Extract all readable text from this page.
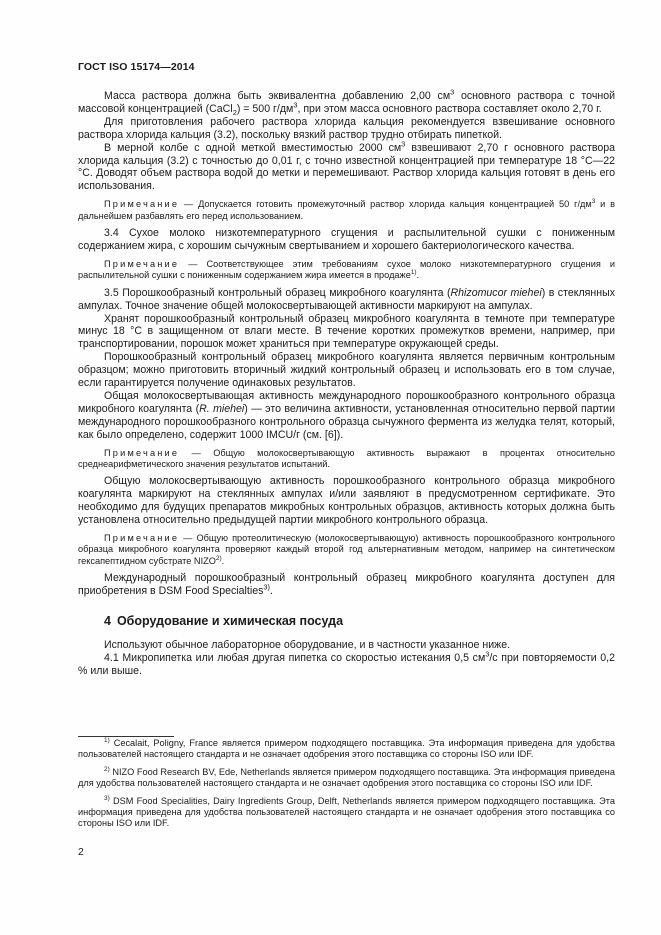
ГОСТ ISO 15174—2014

Масса раствора должна быть эквивалентна добавлению 2,00 $см^3$ основного раствора с точной массовой концентрацией (CaCl$_2$) = 500 $г/дм^3$, при этом масса основного раствора составляет около 2,70 г.

Для приготовления рабочего раствора хлорида кальция рекомендуется взвешивание основного раствора хлорида кальция (3.2), поскольку вязкий раствор трудно отбирать пипеткой.

В мерной колбе с одной меткой вместимостью 2000 $см^3$ взвешивают 2,70 г основного раствора хлорида кальция (3.2) с точностью до 0,01 г, с точно известной концентрацией при температуре 18 °С—22 °С. Доводят объем раствора водой до метки и перемешивают. Раствор хлорида кальция готовят в день его использования.

Примечание — Допускается готовить промежуточный раствор хлорида кальция концентрацией 50 $г/дм^3$ и в дальнейшем разбавлять его перед использованием.

3.4 Сухое молоко низкотемпературного сгущения и распылительной сушки с пониженным содержанием жира, с хорошим сычужным свертыванием и хорошего бактериологического качества.

Примечание — Соответствующее этим требованиям сухое молоко низкотемпературного сгущения и распылительной сушки с пониженным содержанием жира имеется в продаже$^{1)}$.

3.5 Порошкообразный контрольный образец микробного коагулянта (Rhizomucor miehei) в стеклянных ампулах. Точное значение общей молокосвертывающей активности маркируют на ампулах.

Хранят порошкообразный контрольный образец микробного коагулянта в темноте при температуре минус 18 °С в защищенном от влаги месте. В течение коротких промежутков времени, например, при транспортировании, порошок может храниться при температуре окружающей среды.

Порошкообразный контрольный образец микробного коагулянта является первичным контрольным образцом; можно приготовить вторичный жидкий контрольный образец и использовать его в том случае, если гарантируется получение одинаковых результатов.

Общая молокосвертывающая активность международного порошкообразного контрольного образца микробного коагулянта (R. miehei) — это величина активности, установленная относительно первой партии международного порошкообразного контрольного образца сычужного фермента из желудка телят, который, как было определено, содержит 1000 IMCU/г (см. [6]).

Примечание — Общую молокосвертывающую активность выражают в процентах относительно среднеарифметического значения результатов испытаний.

Общую молокосвертывающую активность порошкообразного контрольного образца микробного коагулянта маркируют на стеклянных ампулах и/или заявляют в предусмотренном сертификате. Это необходимо для будущих препаратов микробных контрольных образцов, активность которых должна быть установлена относительно предыдущей партии микробного контрольного образца.

Примечание — Общую протеолитическую (молокосвертывающую) активность порошкообразного контрольного образца микробного коагулянта проверяют каждый второй год альтернативным методом, например на синтетическом гексапептидном субстрате NIZO$^{2)}$.

Международный порошкообразный контрольный образец микробного коагулянта доступен для приобретения в DSM Food Specialties$^{3)}$.

4 Оборудование и химическая посуда

Используют обычное лабораторное оборудование, и в частности указанное ниже.

4.1 Микропипетка или любая другая пипетка со скоростью истекания 0,5 $см^3/с$ при повторяемости 0,2 % или выше.

$^{1)}$ Cecalait, Poligny, France является примером подходящего поставщика. Эта информация приведена для удобства пользователей настоящего стандарта и не означает одобрения этого поставщика со стороны ISO или IDF.

$^{2)}$ NIZO Food Research BV, Ede, Netherlands является примером подходящего поставщика. Эта информация приведена для удобства пользователей настоящего стандарта и не означает одобрения этого поставщика со стороны ISO или IDF.

$^{3)}$ DSM Food Specialities, Dairy Ingredients Group, Delft, Netherlands является примером подходящего поставщика. Эта информация приведена для удобства пользователей настоящего стандарта и не означает одобрения этого поставщика со стороны ISO или IDF.

2
